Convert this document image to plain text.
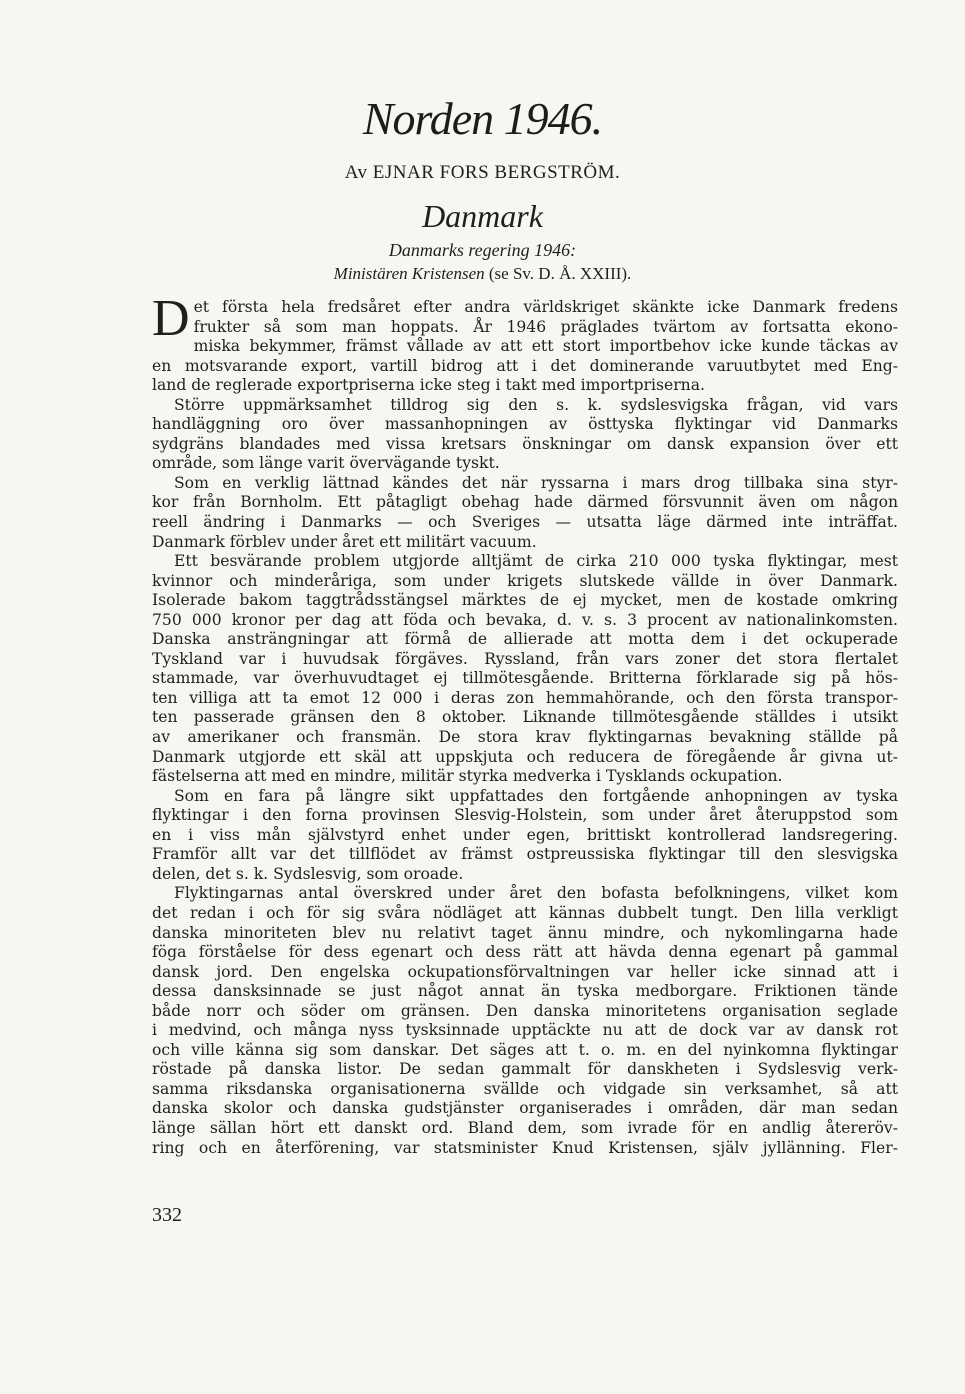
Norden 1946.
Av EJNAR FORS BERGSTRÖM.
Danmark
Danmarks regering 1946:
Ministären Kristensen (se Sv. D. Å. XXIII).
D et första hela fredsåret efter andra världskriget skänkte icke Danmark fredens
frukter så som man hoppats. År 1946 präglades tvärtom av fortsatta ekono-
miska bekymmer, främst vållade av att ett stort importbehov icke kunde täckas av
en motsvarande export, vartill bidrog att i det dominerande varuutbytet med Eng-
land de reglerade exportpriserna icke steg i takt med importpriserna.
Större uppmärksamhet tilldrog sig den s. k. sydslesvigska frågan, vid vars
handläggning oro över massanhopningen av östtyska flyktingar vid Danmarks
sydgräns blandades med vissa kretsars önskningar om dansk expansion över ett
område, som länge varit övervägande tyskt.
Som en verklig lättnad kändes det när ryssarna i mars drog tillbaka sina styr-
kor från Bornholm. Ett påtagligt obehag hade därmed försvunnit även om någon
reell ändring i Danmarks — och Sveriges — utsatta läge därmed inte inträffat.
Danmark förblev under året ett militärt vacuum.
Ett besvärande problem utgjorde alltjämt de cirka 210 000 tyska flyktingar, mest
kvinnor och minderåriga, som under krigets slutskede vällde in över Danmark.
Isolerade bakom taggtrådsstängsel märktes de ej mycket, men de kostade omkring
750 000 kronor per dag att föda och bevaka, d. v. s. 3 procent av nationalinkomsten.
Danska ansträngningar att förmå de allierade att motta dem i det ockuperade
Tyskland var i huvudsak förgäves. Ryssland, från vars zoner det stora flertalet
stammade, var överhuvudtaget ej tillmötesgående. Britterna förklarade sig på hös-
ten villiga att ta emot 12 000 i deras zon hemmahörande, och den första transpor-
ten passerade gränsen den 8 oktober. Liknande tillmötesgående ställdes i utsikt
av amerikaner och fransmän. De stora krav flyktingarnas bevakning ställde på
Danmark utgjorde ett skäl att uppskjuta och reducera de föregående år givna ut-
fästelserna att med en mindre, militär styrka medverka i Tysklands ockupation.
Som en fara på längre sikt uppfattades den fortgående anhopningen av tyska
flyktingar i den forna provinsen Slesvig-Holstein, som under året återuppstod som
en i viss mån självstyrd enhet under egen, brittiskt kontrollerad landsregering.
Framför allt var det tillflödet av främst ostpreussiska flyktingar till den slesvigska
delen, det s. k. Sydslesvig, som oroade.
Flyktingarnas antal överskred under året den bofasta befolkningens, vilket kom
det redan i och för sig svåra nödläget att kännas dubbelt tungt. Den lilla verkligt
danska minoriteten blev nu relativt taget ännu mindre, och nykomlingarna hade
föga förståelse för dess egenart och dess rätt att hävda denna egenart på gammal
dansk jord. Den engelska ockupationsförvaltningen var heller icke sinnad att i
dessa dansksinnade se just något annat än tyska medborgare. Friktionen tände
både norr och söder om gränsen. Den danska minoritetens organisation seglade
i medvind, och många nyss tysksinnade upptäckte nu att de dock var av dansk rot
och ville känna sig som danskar. Det säges att t. o. m. en del nyinkomna flyktingar
röstade på danska listor. De sedan gammalt för danskheten i Sydslesvig verk-
samma riksdanska organisationerna svällde och vidgade sin verksamhet, så att
danska skolor och danska gudstjänster organiserades i områden, där man sedan
länge sällan hört ett danskt ord. Bland dem, som ivrade för en andlig återeröv-
ring och en återförening, var statsminister Knud Kristensen, själv jyllänning. Fler-
332
